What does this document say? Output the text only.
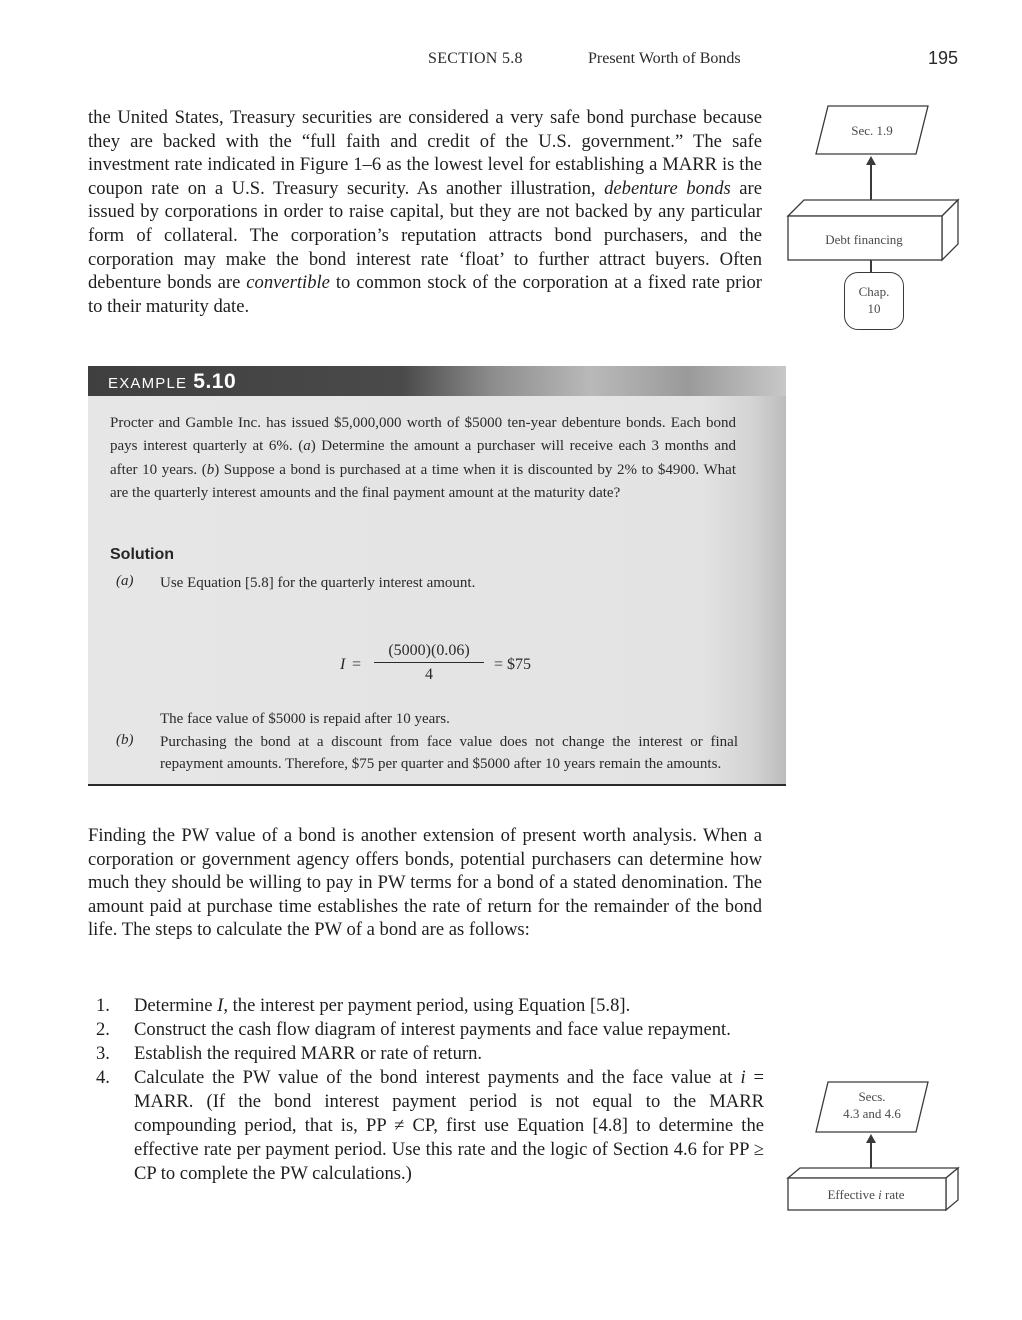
SECTION 5.8	Present Worth of Bonds	195

the United States, Treasury securities are considered a very safe bond purchase because they are backed with the “full faith and credit of the U.S. government.” The safe investment rate indicated in Figure 1–6 as the lowest level for establishing a MARR is the coupon rate on a U.S. Treasury security. As another illustration, debenture bonds are issued by corporations in order to raise capital, but they are not backed by any particular form of collateral. The corporation’s reputation attracts bond purchasers, and the corporation may make the bond interest rate ‘float’ to further attract buyers. Often debenture bonds are convertible to common stock of the corporation at a fixed rate prior to their maturity date.

EXAMPLE 5.10

Procter and Gamble Inc. has issued $5,000,000 worth of $5000 ten-year debenture bonds. Each bond pays interest quarterly at 6%. (a) Determine the amount a purchaser will receive each 3 months and after 10 years. (b) Suppose a bond is purchased at a time when it is discounted by 2% to $4900. What are the quarterly interest amounts and the final payment amount at the maturity date?

Solution
(a) Use Equation [5.8] for the quarterly interest amount.
$I = \frac{(5000)(0.06)}{4}$ = $75
The face value of $5000 is repaid after 10 years.
(b) Purchasing the bond at a discount from face value does not change the interest or final repayment amounts. Therefore, $75 per quarter and $5000 after 10 years remain the amounts.

Finding the PW value of a bond is another extension of present worth analysis. When a corporation or government agency offers bonds, potential purchasers can determine how much they should be willing to pay in PW terms for a bond of a stated denomination. The amount paid at purchase time establishes the rate of return for the remainder of the bond life. The steps to calculate the PW of a bond are as follows:

1. Determine I, the interest per payment period, using Equation [5.8].
2. Construct the cash flow diagram of interest payments and face value repayment.
3. Establish the required MARR or rate of return.
4. Calculate the PW value of the bond interest payments and the face value at i = MARR. (If the bond interest payment period is not equal to the MARR compounding period, that is, PP ≠ CP, first use Equation [4.8] to determine the effective rate per payment period. Use this rate and the logic of Section 4.6 for PP ≥ CP to complete the PW calculations.)
Sec. 1.9
Debt financing
Chap.
10
Secs.
4.3 and 4.6
Effective i rate
